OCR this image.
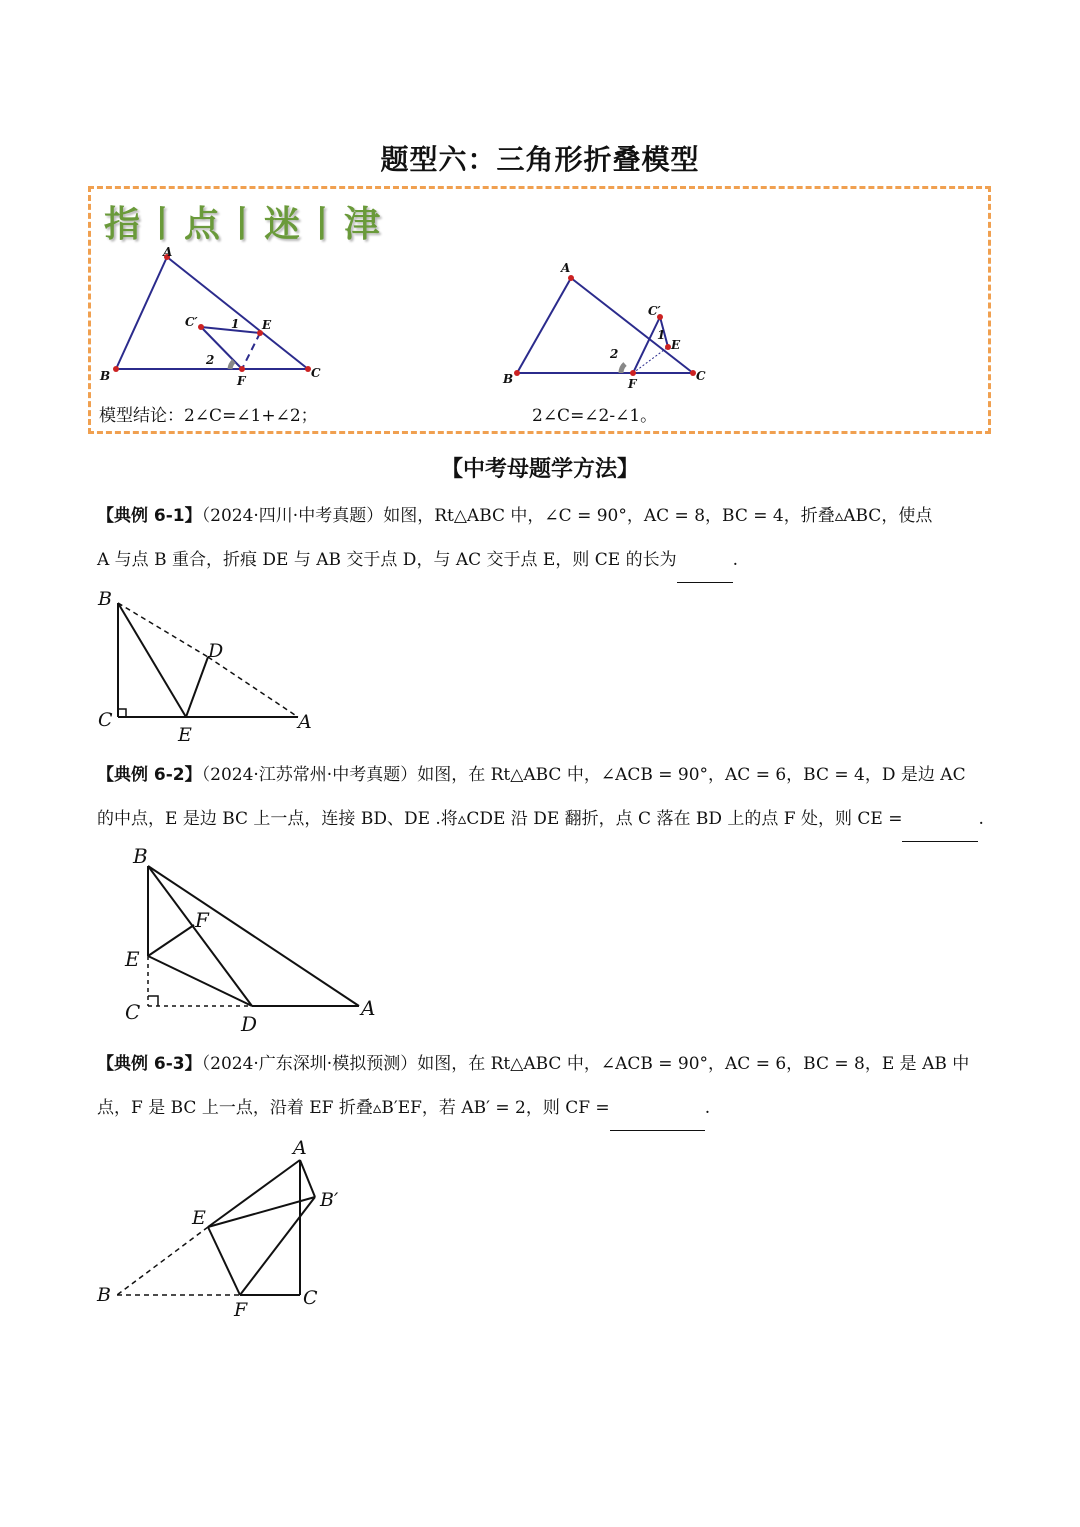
题型六：三角形折叠模型
指丨点丨迷丨津
A
B	C
C′	E
F
1
2
A
B	C
C′
E
F
1
2
模型结论：2∠C=∠1+∠2；	2∠C=∠2-∠1。
【中考母题学方法】
【典例 6-1】（2024·四川·中考真题）如图，Rt△ABC 中，∠C = 90°，AC = 8，BC = 4，折叠▵ABC，使点
A 与点 B 重合，折痕 DE 与 AB 交于点 D，与 AC 交于点 E，则 CE 的长为	.
B
C
D
E
A
【典例 6-2】（2024·江苏常州·中考真题）如图，在 Rt△ABC 中，∠ACB = 90°，AC = 6，BC = 4，D 是边 AC
的中点，E 是边 BC 上一点，连接 BD、DE .将▵CDE 沿 DE 翻折，点 C 落在 BD 上的点 F 处，则 CE =	.
B
F
E
C	D
A
【典例 6-3】（2024·广东深圳·模拟预测）如图，在 Rt△ABC 中，∠ACB = 90°，AC = 6，BC = 8，E 是 AB 中
点，F 是 BC 上一点，沿着 EF 折叠▵B′EF，若 AB′ = 2，则 CF =	.
A
B′
E
B
F
C
